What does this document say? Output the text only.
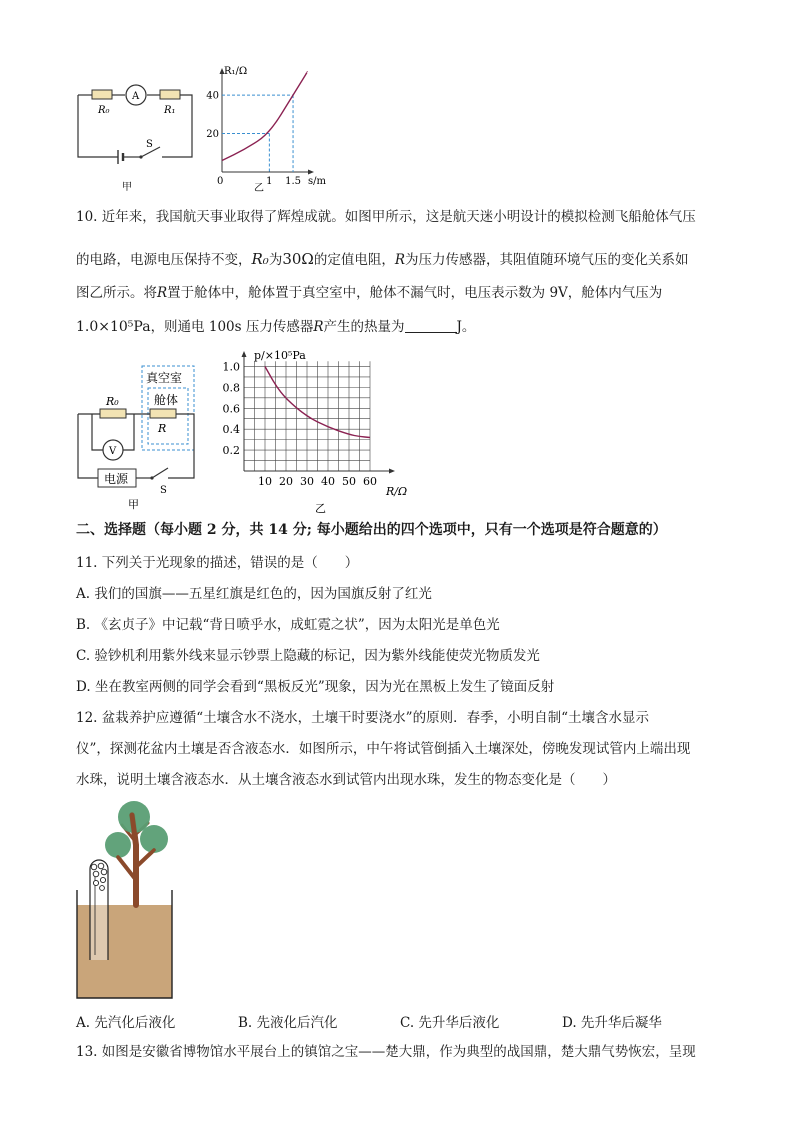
R₀
A
R₁
S
甲
R₁/Ω
0
20
40
1 1.5 s/m
乙
10. 近年来，我国航天事业取得了辉煌成就。如图甲所示，这是航天迷小明设计的模拟检测飞船舱体气压
的电路，电源电压保持不变，R₀为30Ω的定值电阻，R为压力传感器，其阻值随环境气压的变化关系如
图乙所示。将R置于舱体中，舱体置于真空室中，舱体不漏气时，电压表示数为 9V，舱体内气压为
1.0×10⁵Pa，则通电 100s 压力传感器R产生的热量为	J。
真空室
舱体
R₀
R
V
电源
S
甲
p/×10⁵Pa
0.2
0.4
0.6
0.8
1.0
10 20 30 40 50 60
R/Ω
乙
二、选择题（每小题 2 分，共 14 分; 每小题给出的四个选项中，只有一个选项是符合题意的）
11. 下列关于光现象的描述，错误的是（　　）
A. 我们的国旗——五星红旗是红色的，因为国旗反射了红光
B. 《玄贞子》中记载“背日喷乎水，成虹霓之状”，因为太阳光是单色光
C. 验钞机利用紫外线来显示钞票上隐藏的标记，因为紫外线能使荧光物质发光
D. 坐在教室两侧的同学会看到“黑板反光”现象，因为光在黑板上发生了镜面反射
12. 盆栽养护应遵循“土壤含水不浇水，土壤干时要浇水”的原则．春季，小明自制“土壤含水显示
仪”，探测花盆内土壤是否含液态水．如图所示，中午将试管倒插入土壤深处，傍晚发现试管内上端出现
水珠，说明土壤含液态水．从土壤含液态水到试管内出现水珠，发生的物态变化是（　　）
A. 先汽化后液化	B. 先液化后汽化	C. 先升华后液化	D. 先升华后凝华
13. 如图是安徽省博物馆水平展台上的镇馆之宝——楚大鼎，作为典型的战国鼎，楚大鼎气势恢宏，呈现
